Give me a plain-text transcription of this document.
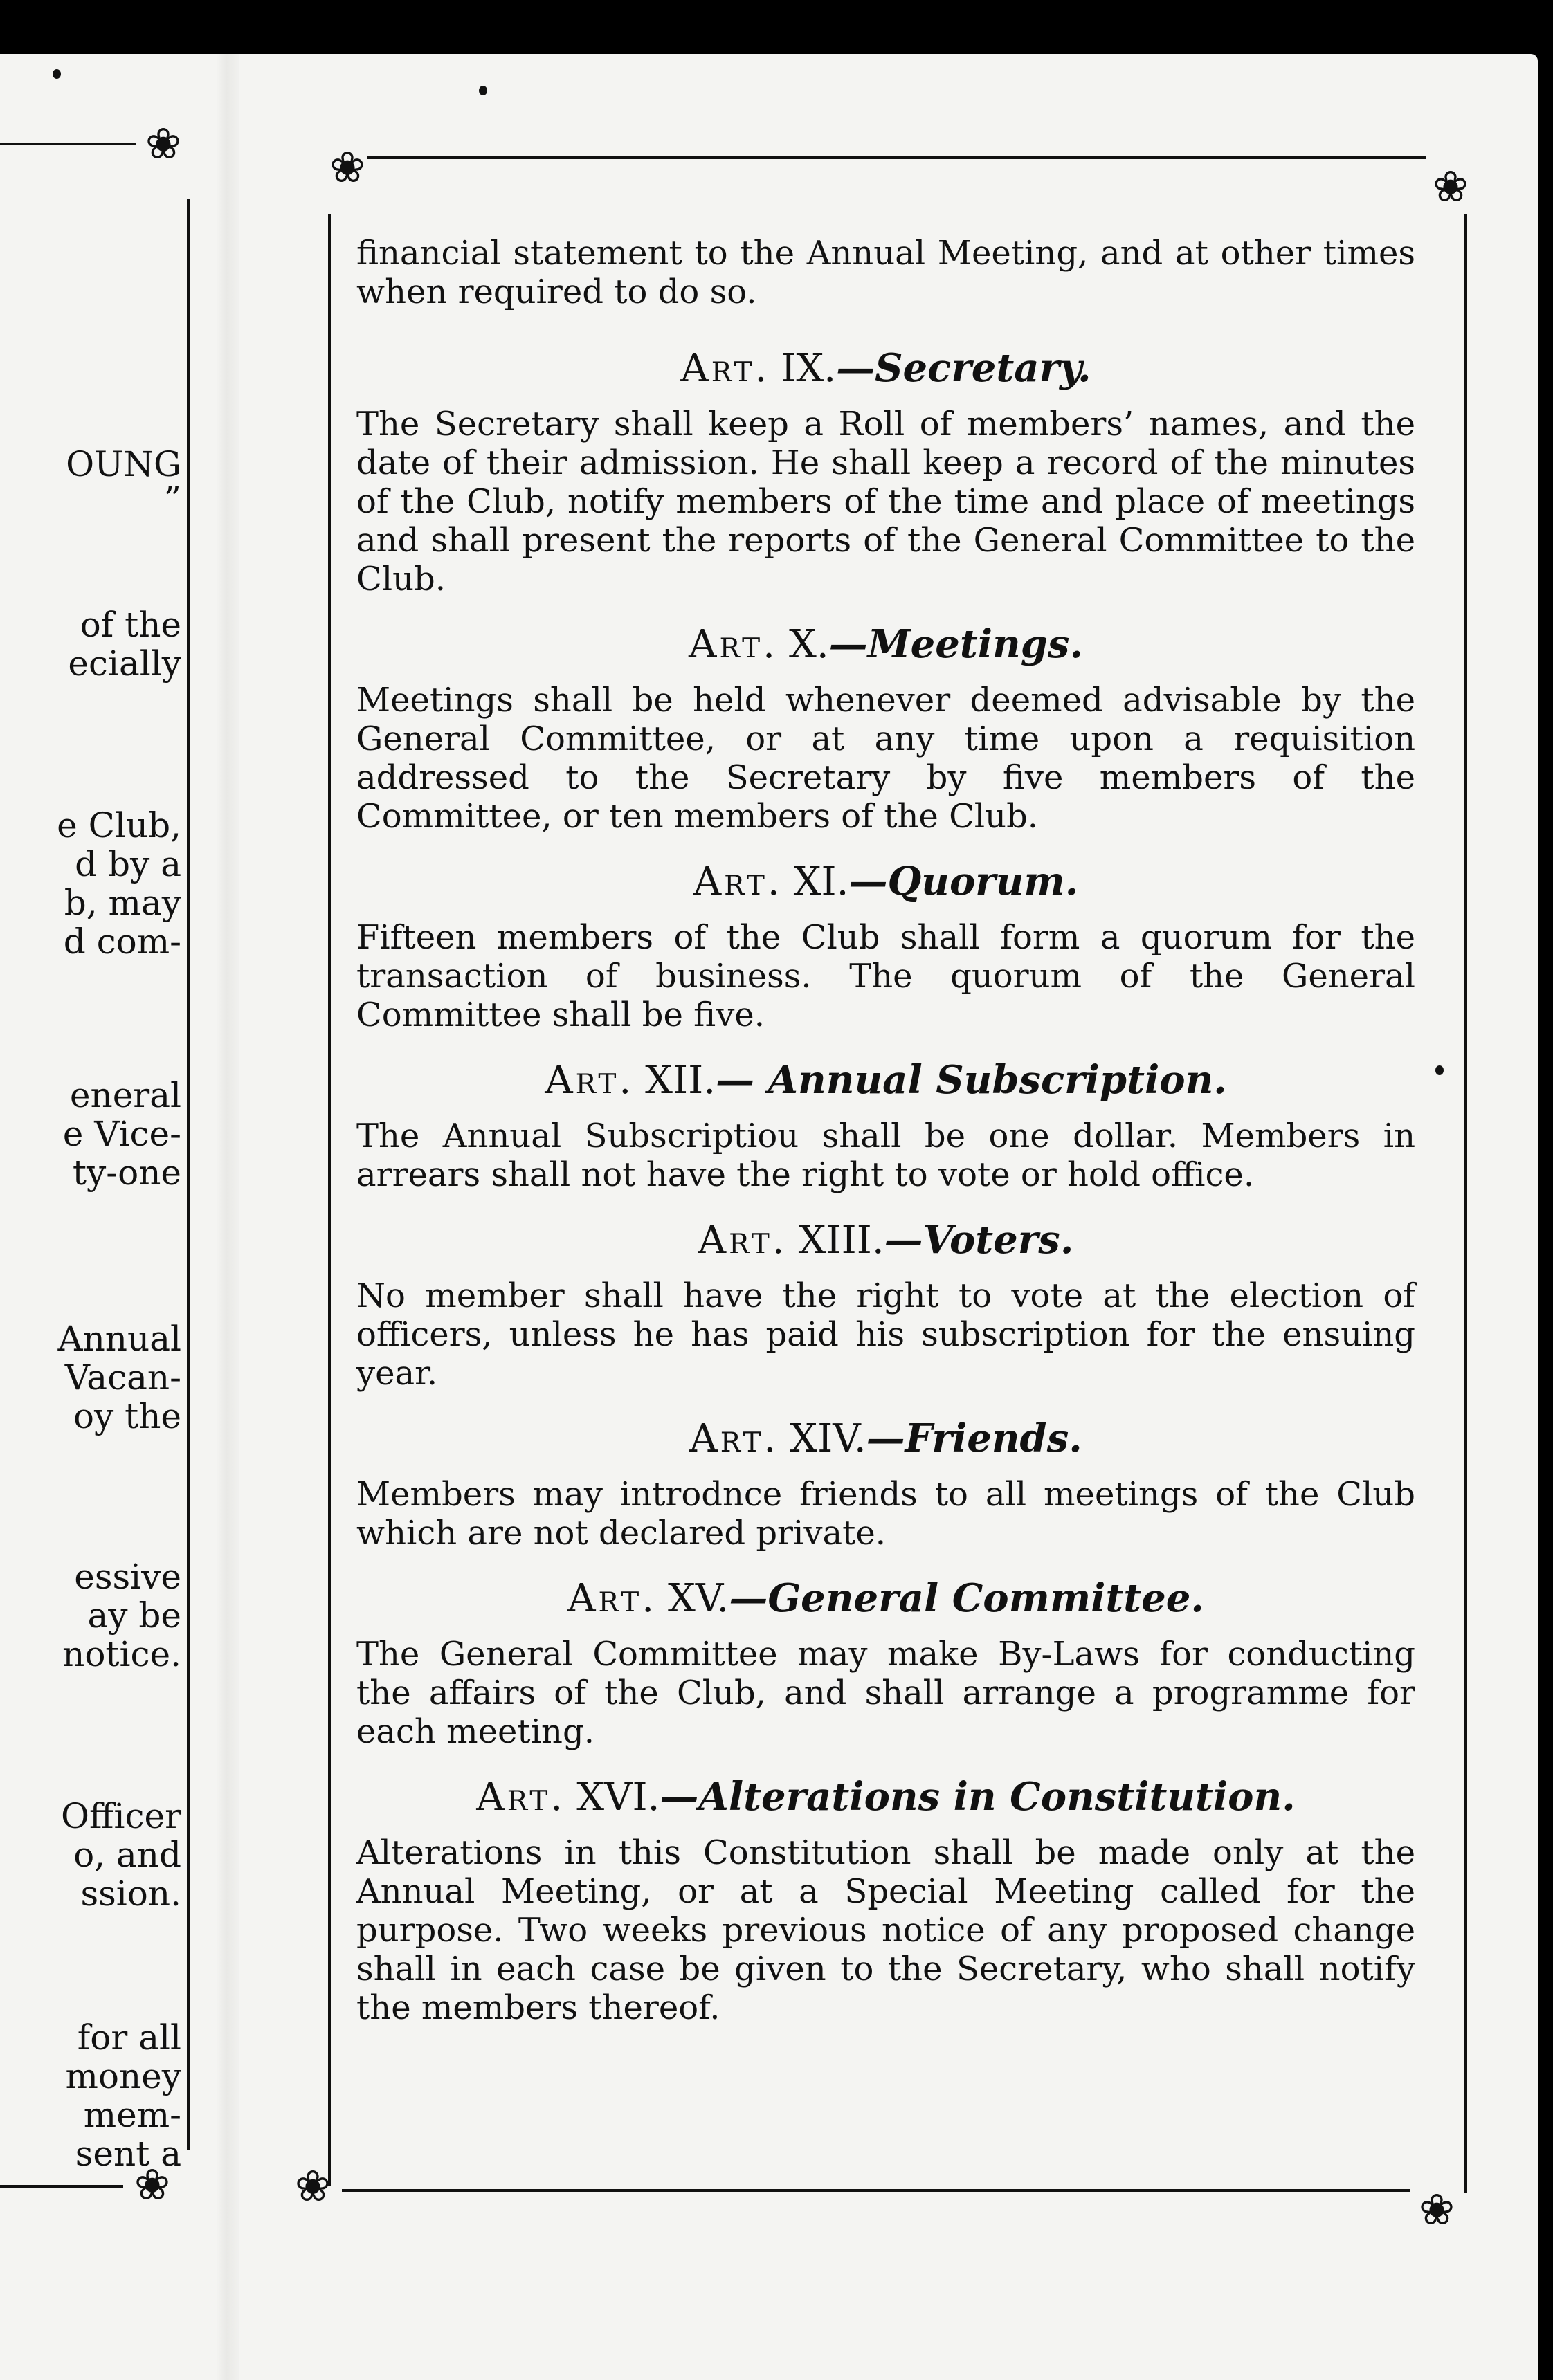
❀
❀
OUNG
”
of the
ecially
e Club,
d by a
b, may
d com-
eneral
e Vice-
ty-one
Annual
Vacan-
oy the
essive
ay be
notice.
Officer
o, and
ssion.
for all
money
mem-
sent a
❀	❀
❀	❀

financial statement to the Annual Meeting, and at other times when required to do so.

Art. IX.—Secretary.

The Secretary shall keep a Roll of members’ names, and the date of their admission. He shall keep a record of the minutes of the Club, notify members of the time and place of meetings and shall present the reports of the General Committee to the Club.

Art. X.—Meetings.

Meetings shall be held whenever deemed advisable by the General Committee, or at any time upon a requisition addressed to the Secretary by five members of the Committee, or ten members of the Club.

Art. XI.—Quorum.

Fifteen members of the Club shall form a quorum for the transaction of business. The quorum of the General Committee shall be five.

Art. XII.— Annual Subscription.

The Annual Subscriptiou shall be one dollar. Members in arrears shall not have the right to vote or hold office.

Art. XIII.—Voters.

No member shall have the right to vote at the election of officers, unless he has paid his subscription for the ensuing year.

Art. XIV.—Friends.

Members may introdnce friends to all meetings of the Club which are not declared private.

Art. XV.—General Committee.

The General Committee may make By-Laws for conducting the affairs of the Club, and shall arrange a programme for each meeting.

Art. XVI.—Alterations in Constitution.

Alterations in this Constitution shall be made only at the Annual Meeting, or at a Special Meeting called for the purpose. Two weeks previous notice of any proposed change shall in each case be given to the Secretary, who shall notify the members thereof.
